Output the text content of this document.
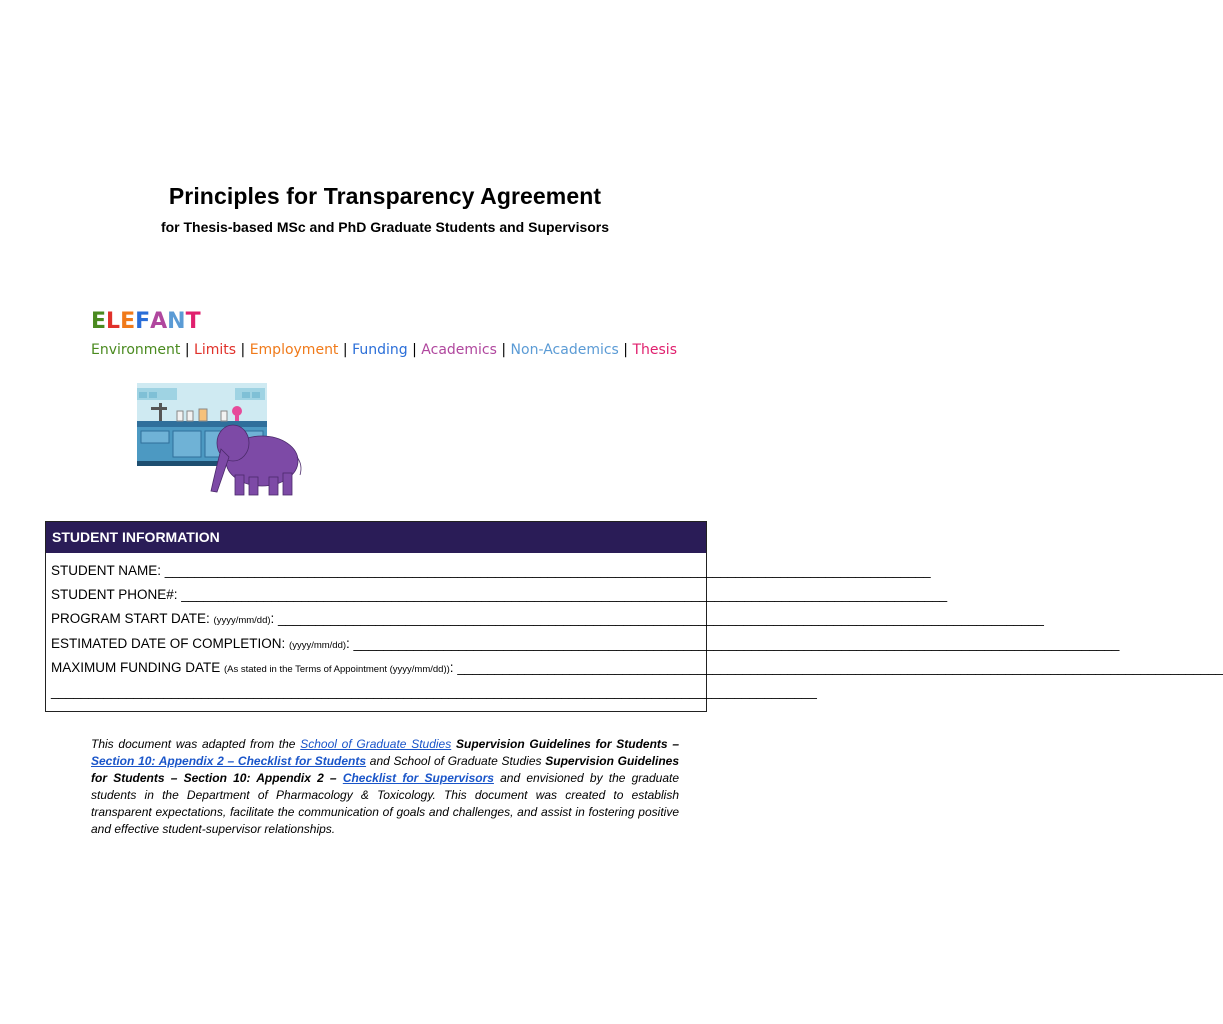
Principles for Transparency Agreement
for Thesis-based MSc and PhD Graduate Students and Supervisors
ELEFANT
Environment | Limits | Employment | Funding | Academics | Non-Academics | Thesis
STUDENT INFORMATION
STUDENT NAME: ______________________________________________________________________________________________________
STUDENT PHONE#: ______________________________________________________________________________________________________
PROGRAM START DATE: (yyyy/mm/dd): ______________________________________________________________________________________________________
ESTIMATED DATE OF COMPLETION: (yyyy/mm/dd): ______________________________________________________________________________________________________
MAXIMUM FUNDING DATE (As stated in the Terms of Appointment (yyyy/mm/dd)): ______________________________________________________________________________________________________
______________________________________________________________________________________________________
This document was adapted from the School of Graduate Studies Supervision Guidelines for Students – Section 10: Appendix 2 – Checklist for Students and School of Graduate Studies Supervision Guidelines for Students – Section 10: Appendix 2 – Checklist for Supervisors and envisioned by the graduate students in the Department of Pharmacology & Toxicology. This document was created to establish transparent expectations, facilitate the communication of goals and challenges, and assist in fostering positive and effective student-supervisor relationships.
